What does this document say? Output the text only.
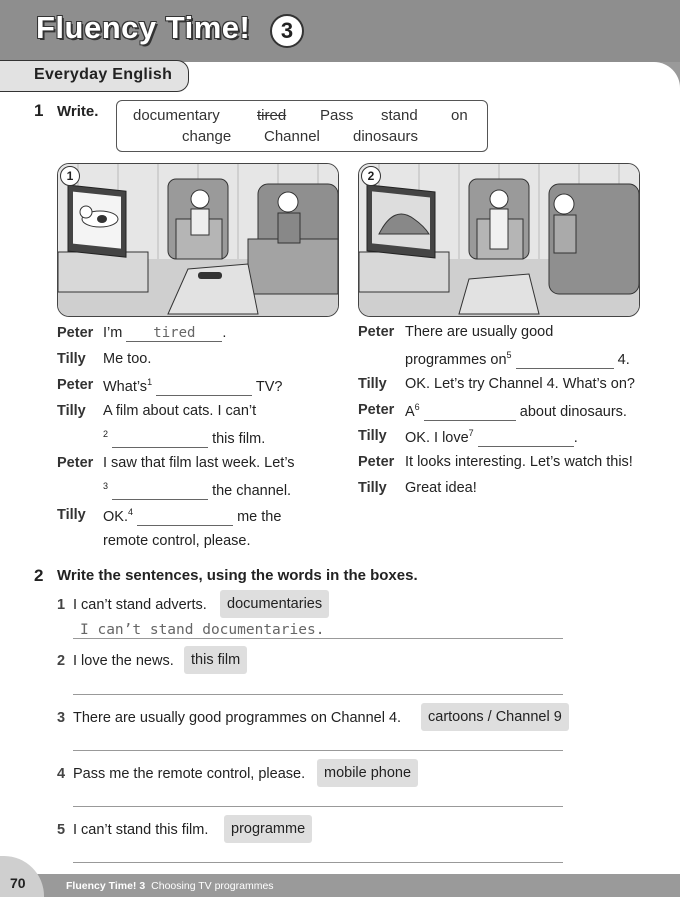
Fluency Time!	3
Everyday English
1 Write. documentary tired Pass stand on
change Channel dinosaurs
1	2
Peter I’m tired .
Tilly Me too.
Peter $What’s^1$	TV?
Tilly A film about cats. I can’t
$^2$	this film.
Peter I saw that film last week. Let’s
$^3$	the channel.
Tilly OK.$^4$	me the
remote control, please.
Peter There are usually good
programmes $on^5$	4.
Tilly OK. Let’s try Channel 4. What’s on?
Peter $A^6$	about dinosaurs.
Tilly OK. I love$^7$	.
Peter It looks interesting. Let’s watch this!
Tilly Great idea!
2 Write the sentences, using the words in the boxes.
1 I can’t stand adverts.	documentaries
I can’t stand documentaries.
2 I love the news.	this film
3 There are usually good programmes on Channel 4.	cartoons / Channel 9
4 Pass me the remote control, please.	mobile phone
5 I can’t stand this film.	programme
70	Fluency Time! 3 Choosing TV programmes
